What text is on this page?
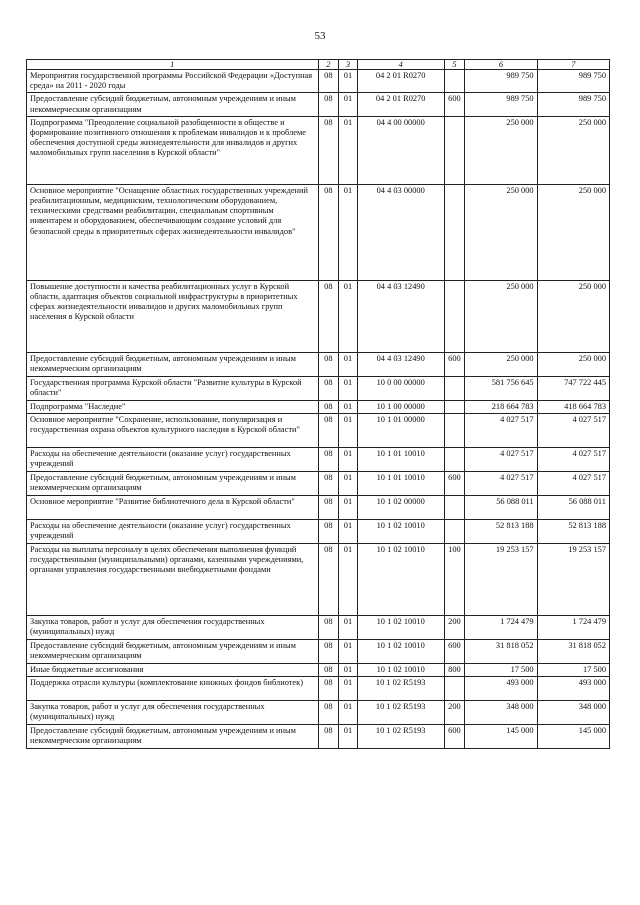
53
1	2	3	4	5	6	7
Мероприятия государственной программы Российской Федерации «Доступная среда» на 2011 - 2020 годы	08	01	04 2 01 R0270		989 750	989 750
Предоставление субсидий бюджетным, автономным учреждениям и иным некоммерческим организациям	08	01	04 2 01 R0270	600	989 750	989 750
Подпрограмма "Преодоление социальной разобщенности в обществе и формирование позитивного отношения к проблемам инвалидов и к проблеме обеспечения доступной среды жизнедеятельности для инвалидов и других маломобильных групп населения в Курской области"	08	01	04 4 00 00000		250 000	250 000
Основное мероприятие "Оснащение областных государственных учреждений реабилитационным, медицинским, технологическим оборудованием, техническими средствами реабилитации, специальным спортивным инвентарем и оборудованием, обеспечивающим создание условий для безопасной среды в приоритетных сферах жизнедеятельности инвалидов"	08	01	04 4 03 00000		250 000	250 000
Повышение доступности и качества реабилитационных услуг в Курской области, адаптация объектов социальной инфраструктуры в приоритетных сферах жизнедеятельности инвалидов и других маломобильных групп населения в Курской области	08	01	04 4 03 12490		250 000	250 000
Предоставление субсидий бюджетным, автономным учреждениям и иным некоммерческим организациям	08	01	04 4 03 12490	600	250 000	250 000
Государственная программа Курской области "Развитие культуры в Курской области"	08	01	10 0 00 00000		581 756 645	747 722 445
Подпрограмма "Наследие"	08	01	10 1 00 00000		218 664 783	418 664 783
Основное мероприятие "Сохранение, использование, популяризация и государственная охрана объектов культурного наследия в Курской области"	08	01	10 1 01 00000		4 027 517	4 027 517
Расходы на обеспечение деятельности (оказание услуг) государственных учреждений	08	01	10 1 01 10010		4 027 517	4 027 517
Предоставление субсидий бюджетным, автономным учреждениям и иным некоммерческим организациям	08	01	10 1 01 10010	600	4 027 517	4 027 517
Основное мероприятие "Развитие библиотечного дела в Курской области"	08	01	10 1 02 00000		56 088 011	56 088 011
Расходы на обеспечение деятельности (оказание услуг) государственных учреждений	08	01	10 1 02 10010		52 813 188	52 813 188
Расходы на выплаты персоналу в целях обеспечения выполнения функций государственными (муниципальными) органами, казенными учреждениями, органами управления государственными внебюджетными фондами	08	01	10 1 02 10010	100	19 253 157	19 253 157
Закупка товаров, работ и услуг для обеспечения государственных (муниципальных) нужд	08	01	10 1 02 10010	200	1 724 479	1 724 479
Предоставление субсидий бюджетным, автономным учреждениям и иным некоммерческим организациям	08	01	10 1 02 10010	600	31 818 052	31 818 052
Иные бюджетные ассигнования	08	01	10 1 02 10010	800	17 500	17 500
Поддержка отрасли культуры (комплектование книжных фондов библиотек)	08	01	10 1 02 R5193		493 000	493 000
Закупка товаров, работ и услуг для обеспечения государственных (муниципальных) нужд	08	01	10 1 02 R5193	200	348 000	348 000
Предоставление субсидий бюджетным, автономным учреждениям и иным некоммерческим организациям	08	01	10 1 02 R5193	600	145 000	145 000
